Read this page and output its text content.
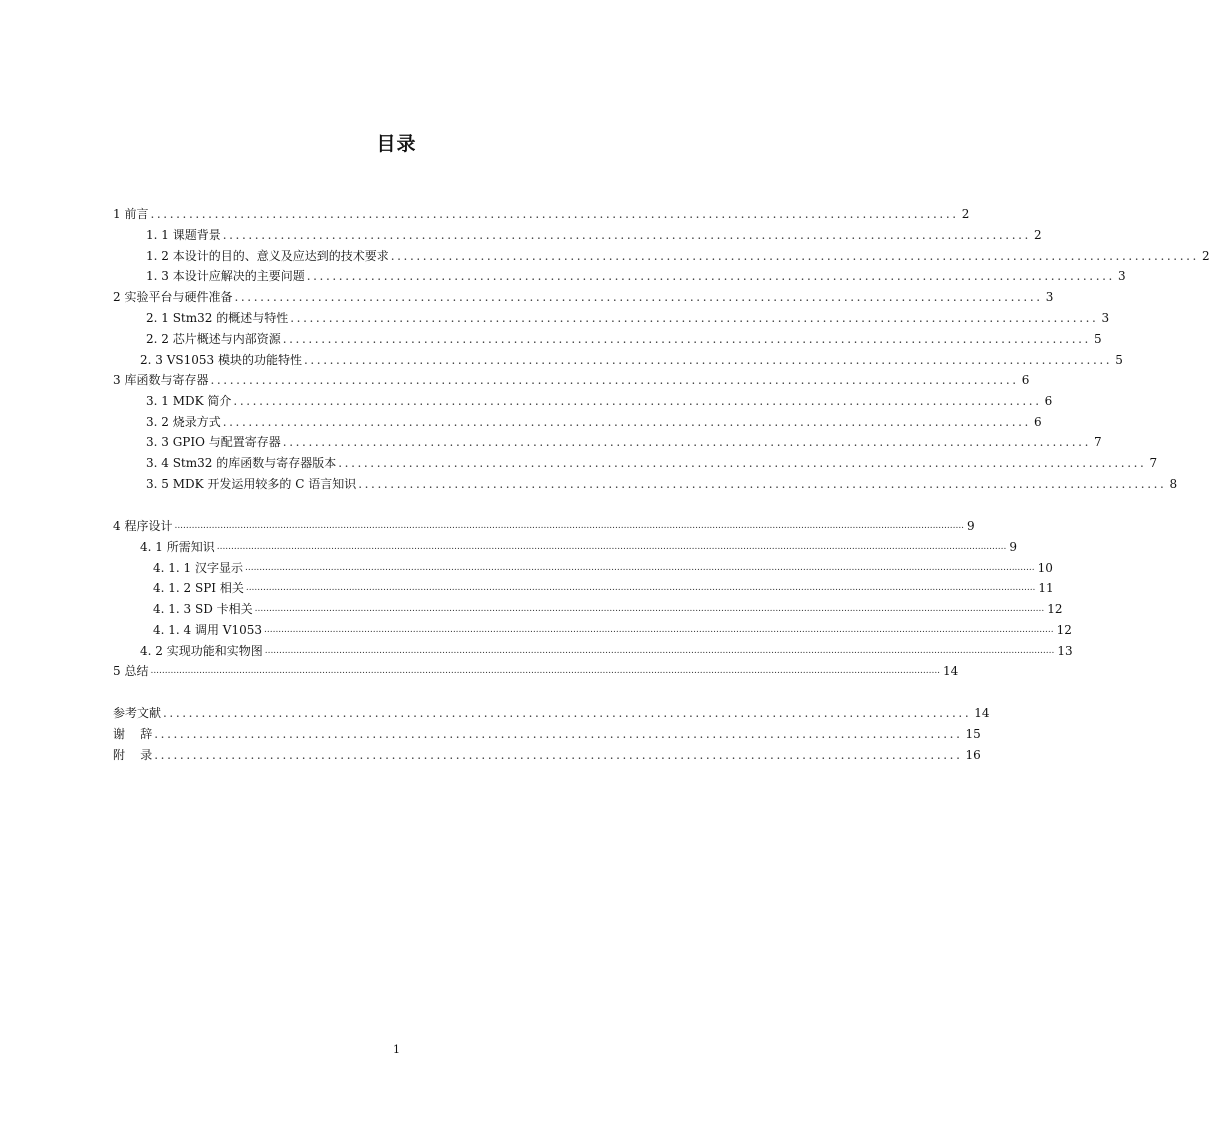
目录
1 前言 .............................................................................................................................. 2
1. 1 课题背景 .............................................................................................................................. 2
1. 2 本设计的目的、意义及应达到的技术要求 .............................................................................................................................. 2
1. 3 本设计应解决的主要问题 .............................................................................................................................. 3
2 实验平台与硬件准备 .............................................................................................................................. 3
2. 1 Stm32 的概述与特性 .............................................................................................................................. 3
2. 2 芯片概述与内部资源 .............................................................................................................................. 5
2. 3 VS1053 模块的功能特性 .............................................................................................................................. 5
3 库函数与寄存器 .............................................................................................................................. 6
3. 1 MDK 简介 .............................................................................................................................. 6
3. 2 烧录方式 .............................................................................................................................. 6
3. 3 GPIO 与配置寄存器 .............................................................................................................................. 7
3. 4 Stm32 的库函数与寄存器版本 .............................................................................................................................. 7
3. 5 MDK 开发运用较多的 C 语言知识 .............................................................................................................................. 8
4 程序设计 .................................................................................................................................................................................................................................................................................... 9
4. 1 所需知识 .................................................................................................................................................................................................................................................................................... 9
4. 1. 1 汉字显示 .................................................................................................................................................................................................................................................................................... 10
4. 1. 2 SPI 相关 .................................................................................................................................................................................................................................................................................... 11
4. 1. 3 SD 卡相关 .................................................................................................................................................................................................................................................................................... 12
4. 1. 4 调用 V1053 .................................................................................................................................................................................................................................................................................... 12
4. 2 实现功能和实物图 .................................................................................................................................................................................................................................................................................... 13
5 总结 .................................................................................................................................................................................................................................................................................... 14
参考文献 .............................................................................................................................. 14
谢    辞 .............................................................................................................................. 15
附    录 .............................................................................................................................. 16
1
